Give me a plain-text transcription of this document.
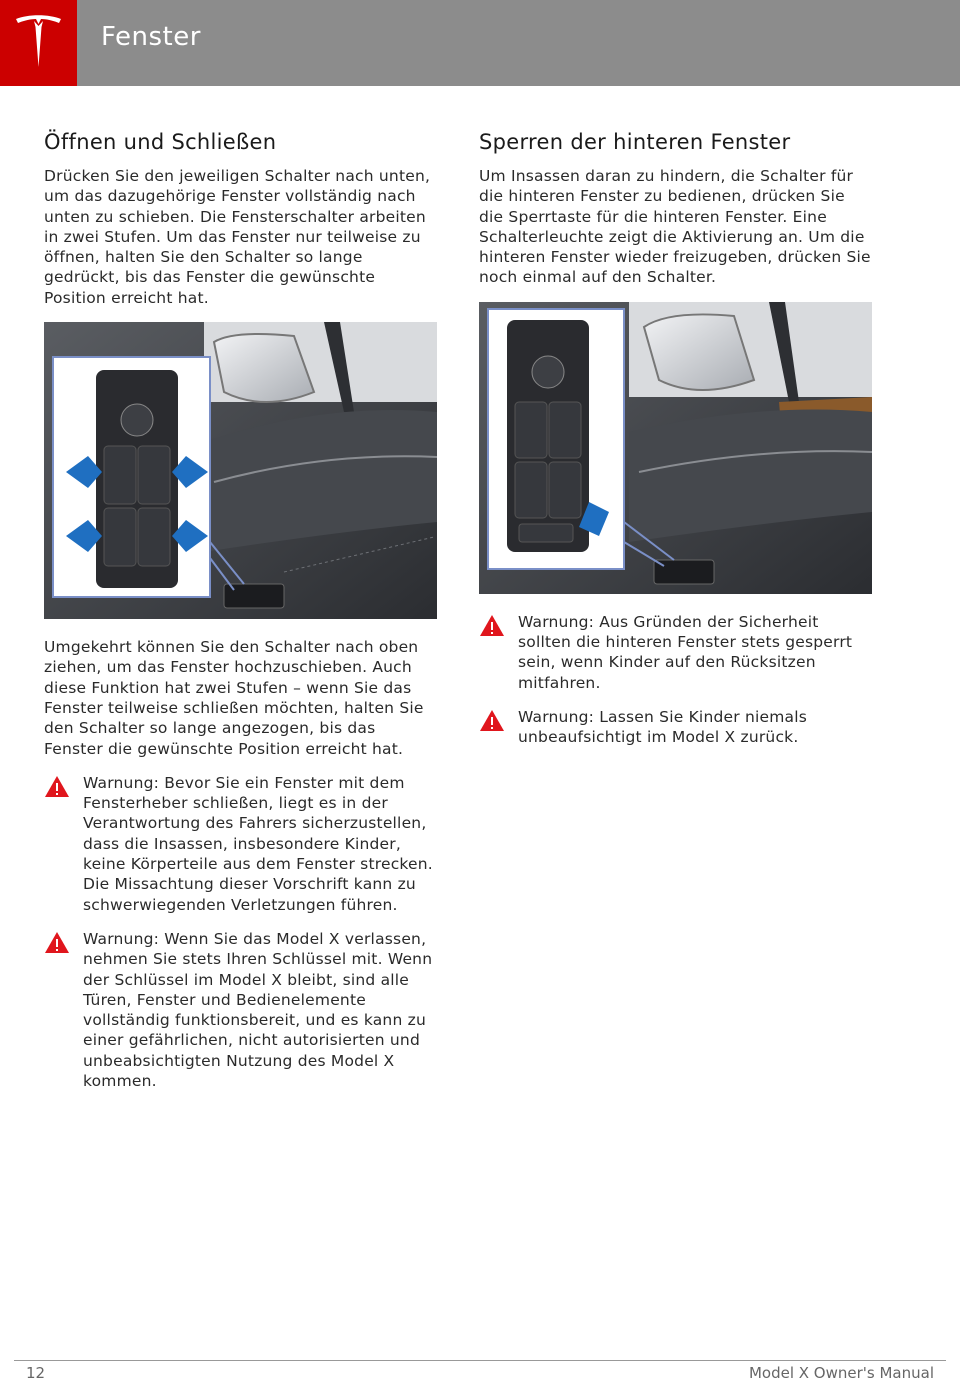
Fenster
Öffnen und Schließen

Drücken Sie den jeweiligen Schalter nach unten, um das dazugehörige Fenster vollständig nach unten zu schieben. Die Fensterschalter arbeiten in zwei Stufen. Um das Fenster nur teilweise zu öffnen, halten Sie den Schalter so lange gedrückt, bis das Fenster die gewünschte Position erreicht hat.

Umgekehrt können Sie den Schalter nach oben ziehen, um das Fenster hochzuschieben. Auch diese Funktion hat zwei Stufen – wenn Sie das Fenster teilweise schließen möchten, halten Sie den Schalter so lange angezogen, bis das Fenster die gewünschte Position erreicht hat.

Warnung: Bevor Sie ein Fenster mit dem Fensterheber schließen, liegt es in der Verantwortung des Fahrers sicherzustellen, dass die Insassen, insbesondere Kinder, keine Körperteile aus dem Fenster strecken. Die Missachtung dieser Vorschrift kann zu schwerwiegenden Verletzungen führen.

Warnung: Wenn Sie das Model X verlassen, nehmen Sie stets Ihren Schlüssel mit. Wenn der Schlüssel im Model X bleibt, sind alle Türen, Fenster und Bedienelemente vollständig funktionsbereit, und es kann zu einer gefährlichen, nicht autorisierten und unbeabsichtigten Nutzung des Model X kommen.

Sperren der hinteren Fenster

Um Insassen daran zu hindern, die Schalter für die hinteren Fenster zu bedienen, drücken Sie die Sperrtaste für die hinteren Fenster. Eine Schalterleuchte zeigt die Aktivierung an. Um die hinteren Fenster wieder freizugeben, drücken Sie noch einmal auf den Schalter.

Warnung: Aus Gründen der Sicherheit sollten die hinteren Fenster stets gesperrt sein, wenn Kinder auf den Rücksitzen mitfahren.

Warnung: Lassen Sie Kinder niemals unbeaufsichtigt im Model X zurück.

12	Model X Owner's Manual
